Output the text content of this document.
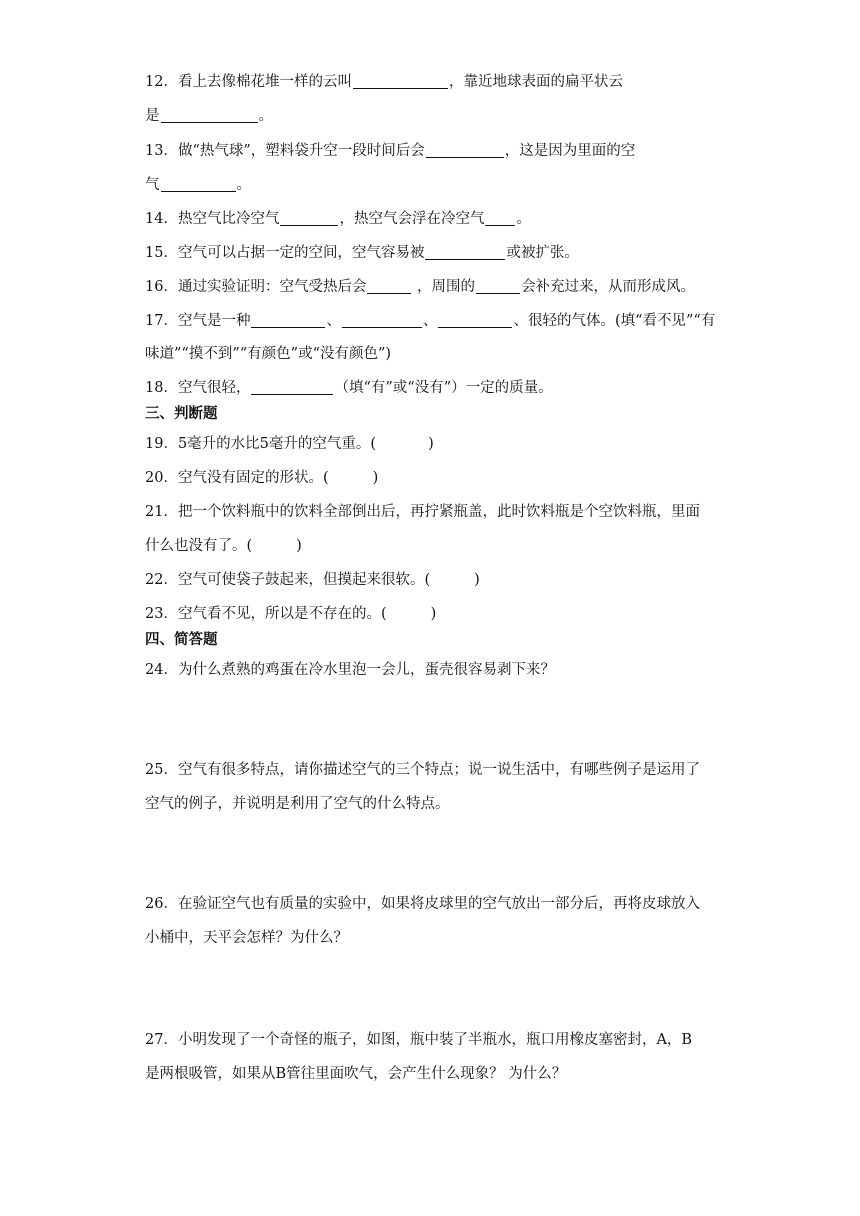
12．看上去像棉花堆一样的云叫	，靠近地球表面的扁平状云
是	。
13．做“热气球”，塑料袋升空一段时间后会	，这是因为里面的空
气	。
14．热空气比冷空气	，热空气会浮在冷空气 。
15．空气可以占据一定的空间，空气容易被	或被扩张。
16．通过实验证明：空气受热后会	，周围的	会补充过来，从而形成风。
17．空气是一种	、	、	、很轻的气体。(填“看不见”“有
味道”“摸不到”“有颜色”或“没有颜色”)
18．空气很轻，	（填“有”或“没有”）一定的质量。
三、判断题
19．5毫升的水比5毫升的空气重。(	)
20．空气没有固定的形状。(	)
21．把一个饮料瓶中的饮料全部倒出后，再拧紧瓶盖，此时饮料瓶是个空饮料瓶，里面
什么也没有了。(	)
22．空气可使袋子鼓起来，但摸起来很软。(	)
23．空气看不见，所以是不存在的。(	)
四、简答题
24．为什么煮熟的鸡蛋在冷水里泡一会儿，蛋壳很容易剥下来？
25．空气有很多特点，请你描述空气的三个特点；说一说生活中，有哪些例子是运用了
空气的例子，并说明是利用了空气的什么特点。
26．在验证空气也有质量的实验中，如果将皮球里的空气放出一部分后，再将皮球放入
小桶中，天平会怎样？为什么？
27．小明发现了一个奇怪的瓶子，如图，瓶中装了半瓶水，瓶口用橡皮塞密封，A，B
是两根吸管，如果从B管往里面吹气，会产生什么现象？ 为什么？
